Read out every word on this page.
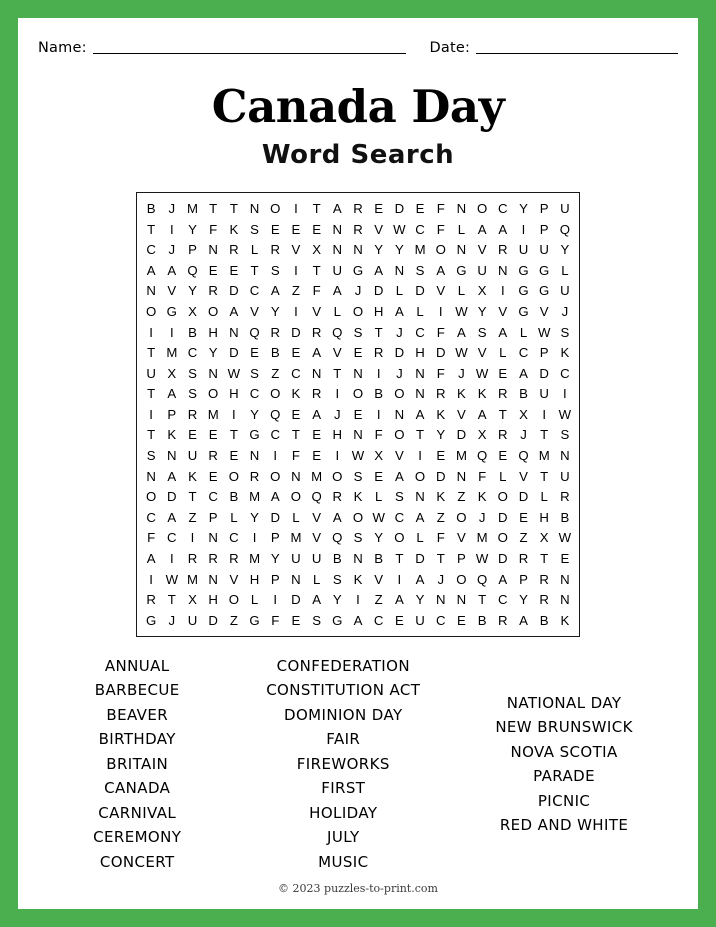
Name:	Date:
Canada Day
Word Search
B J M T T N O	I	T A R E D E F N O C Y P U
T	I	Y F K S E E E N R V W C F L A A	I	P Q
C J P N R L R V X N N Y Y M O N V R U U Y
A A Q E E T S	I	T U G A N S A G U N G G L
N V Y R D C A Z F A J D L D V L X	I	G G U
O G X O A V Y	I	V L O H A L	I W Y V G V J
I	I	B H N Q R D R Q S T	J C F A S A L W S
T M C Y D E B E A V E R D H D W V L C P K
U X S N W S Z C N T N	I	J N F	J W E A D C
T A S O H C O K R	I	O B O N R K K R B U	I
I	P R M	I	Y Q E A J E	I	N A K V A T X	I W
T K E E T G C T E H N F O T Y D X R J	T S
S N U R E N	I	F E	I W X V	I	E M Q E Q M N
N A K E O R O N M O S E A O D N F L V T U
O D T C B M A O Q R K L S N K Z K O D L R
C A Z P L Y D L V A O W C A Z O J D E H B
F C	I	N C	I	P M V Q S Y O L F V M O Z X W
A	I	R R R M Y U U B N B T D T P W D R T E
I W M N V H P N L S K V	I	A J O Q A P R N
R T X H O L	I	D A Y	I	Z A Y N N T C Y R N
G J U D Z G F E S G A C E U C E B R A B K
ANNUAL
BARBECUE
BEAVER
BIRTHDAY
BRITAIN
CANADA
CARNIVAL
CEREMONY
CONCERT
CONFEDERATION
CONSTITUTION ACT
DOMINION DAY
FAIR
FIREWORKS
FIRST
HOLIDAY
JULY
MUSIC
NATIONAL DAY
NEW BRUNSWICK
NOVA SCOTIA
PARADE
PICNIC
RED AND WHITE
© 2023 puzzles-to-print.com
